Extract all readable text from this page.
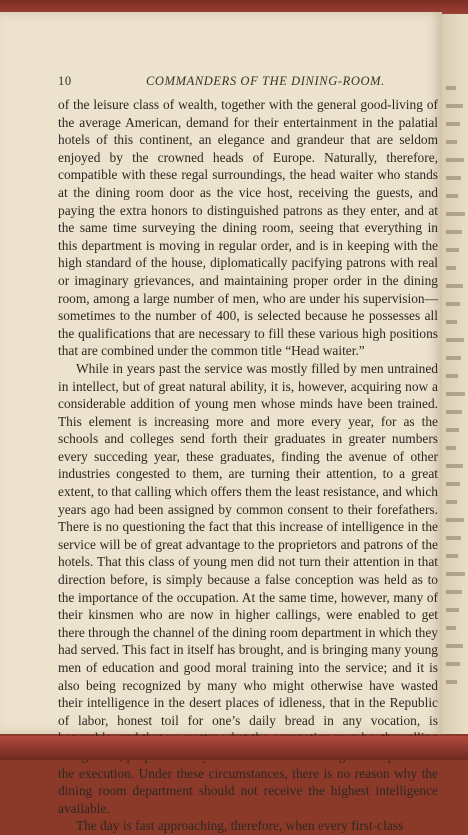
10	COMMANDERS OF THE DINING-ROOM.

of the leisure class of wealth, together with the general good-living of the average American, demand for their entertainment in the palatial hotels of this continent, an elegance and grandeur that are seldom enjoyed by the crowned heads of Europe. Naturally, therefore, compatible with these regal surroundings, the head waiter who stands at the dining room door as the vice host, receiving the guests, and paying the extra honors to distinguished patrons as they enter, and at the same time surveying the dining room, seeing that everything in this department is moving in regular order, and is in keeping with the high standard of the house, diplomatically pacifying patrons with real or imaginary grievances, and maintaining proper order in the dining room, among a large number of men, who are under his supervision—sometimes to the number of 400, is selected because he possesses all the qualifications that are necessary to fill these various high positions that are combined under the common title “Head waiter.”

While in years past the service was mostly filled by men untrained in intellect, but of great natural ability, it is, however, acquiring now a considerable addition of young men whose minds have been trained. This element is increasing more and more every year, for as the schools and colleges send forth their graduates in greater numbers every succeding year, these graduates, finding the avenue of other industries congested to them, are turning their attention, to a great extent, to that calling which offers them the least resistance, and which years ago had been assigned by common consent to their forefathers. There is no questioning the fact that this increase of intelligence in the service will be of great advantage to the proprietors and patrons of the hotels. That this class of young men did not turn their attention in that direction before, is simply because a false conception was held as to the importance of the occupation. At the same time, however, many of their kinsmen who are now in higher callings, were enabled to get there through the channel of the dining room department in which they had served. This fact in itself has brought, and is bringing many young men of education and good moral training into the service; and it is also being recognized by many who might otherwise have wasted their intelligence in the desert places of idleness, that in the Republic of labor, honest toil for one’s daily bread in any vocation, is the execution. Under these circumstances, there is no reason why the dining room department should not receive the highest intelligence available.

The day is fast approaching, therefore, when every first-class
